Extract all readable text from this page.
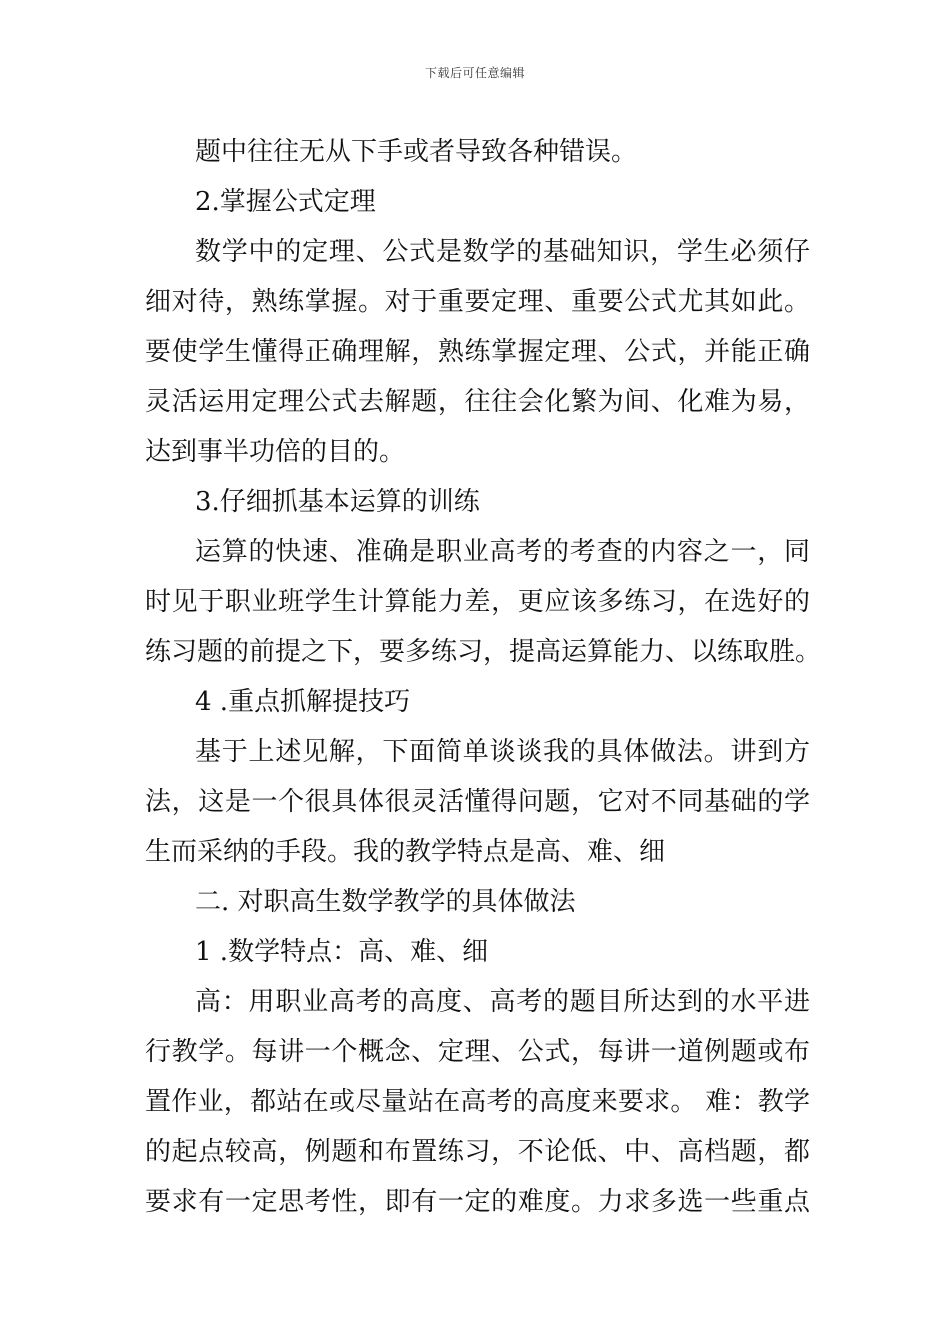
下载后可任意编辑
题中往往无从下手或者导致各种错误。
2.掌握公式定理
数学中的定理、公式是数学的基础知识，学生必须仔
细对待，熟练掌握。对于重要定理、重要公式尤其如此。
要使学生懂得正确理解，熟练掌握定理、公式，并能正确
灵活运用定理公式去解题，往往会化繁为间、化难为易，
达到事半功倍的目的。
3.仔细抓基本运算的训练
运算的快速、准确是职业高考的考查的内容之一，同
时见于职业班学生计算能力差，更应该多练习，在选好的
练习题的前提之下，要多练习，提高运算能力、以练取胜。
4 .重点抓解提技巧
基于上述见解，下面简单谈谈我的具体做法。讲到方
法，这是一个很具体很灵活懂得问题，它对不同基础的学
生而采纳的手段。我的教学特点是高、难、细
二. 对职高生数学教学的具体做法
1 .数学特点：高、难、细
高：用职业高考的高度、高考的题目所达到的水平进
行教学。每讲一个概念、定理、公式，每讲一道例题或布
置作业，都站在或尽量站在高考的高度来要求。 难：教学
的起点较高，例题和布置练习，不论低、中、高档题，都
要求有一定思考性，即有一定的难度。力求多选一些重点
